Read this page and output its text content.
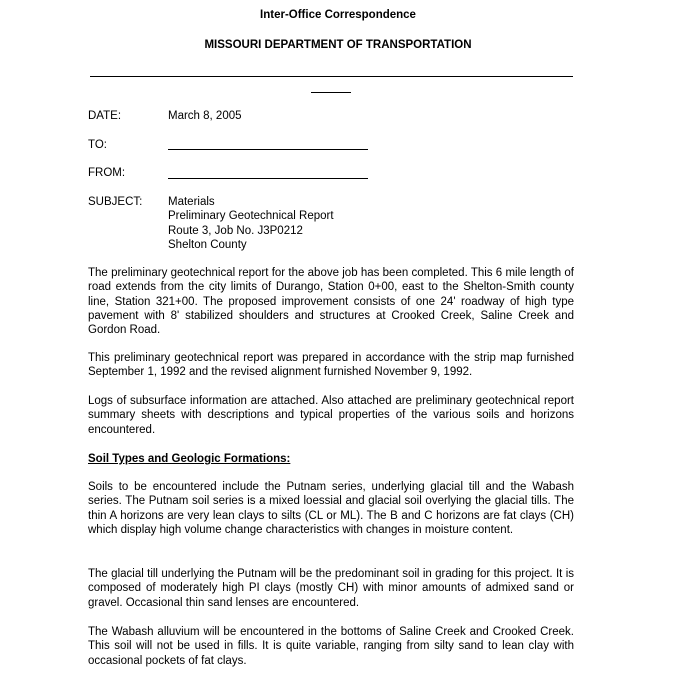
Inter-Office Correspondence
MISSOURI DEPARTMENT OF TRANSPORTATION
DATE:	March 8, 2005
TO:
FROM:
SUBJECT: Materials
Preliminary Geotechnical Report
Route 3, Job No. J3P0212
Shelton County

The preliminary geotechnical report for the above job has been completed. This 6 mile length of road extends from the city limits of Durango, Station 0+00, east to the Shelton-Smith county line, Station 321+00. The proposed improvement consists of one 24' roadway of high type pavement with 8' stabilized shoulders and structures at Crooked Creek, Saline Creek and Gordon Road.

This preliminary geotechnical report was prepared in accordance with the strip map furnished September 1, 1992 and the revised alignment furnished November 9, 1992.

Logs of subsurface information are attached. Also attached are preliminary geotechnical report summary sheets with descriptions and typical properties of the various soils and horizons encountered.

Soil Types and Geologic Formations:

Soils to be encountered include the Putnam series, underlying glacial till and the Wabash series. The Putnam soil series is a mixed loessial and glacial soil overlying the glacial tills. The thin A horizons are very lean clays to silts (CL or ML). The B and C horizons are fat clays (CH) which display high volume change characteristics with changes in moisture content.

The glacial till underlying the Putnam will be the predominant soil in grading for this project. It is composed of moderately high PI clays (mostly CH) with minor amounts of admixed sand or gravel. Occasional thin sand lenses are encountered.

The Wabash alluvium will be encountered in the bottoms of Saline Creek and Crooked Creek. This soil will not be used in fills. It is quite variable, ranging from silty sand to lean clay with occasional pockets of fat clays.
